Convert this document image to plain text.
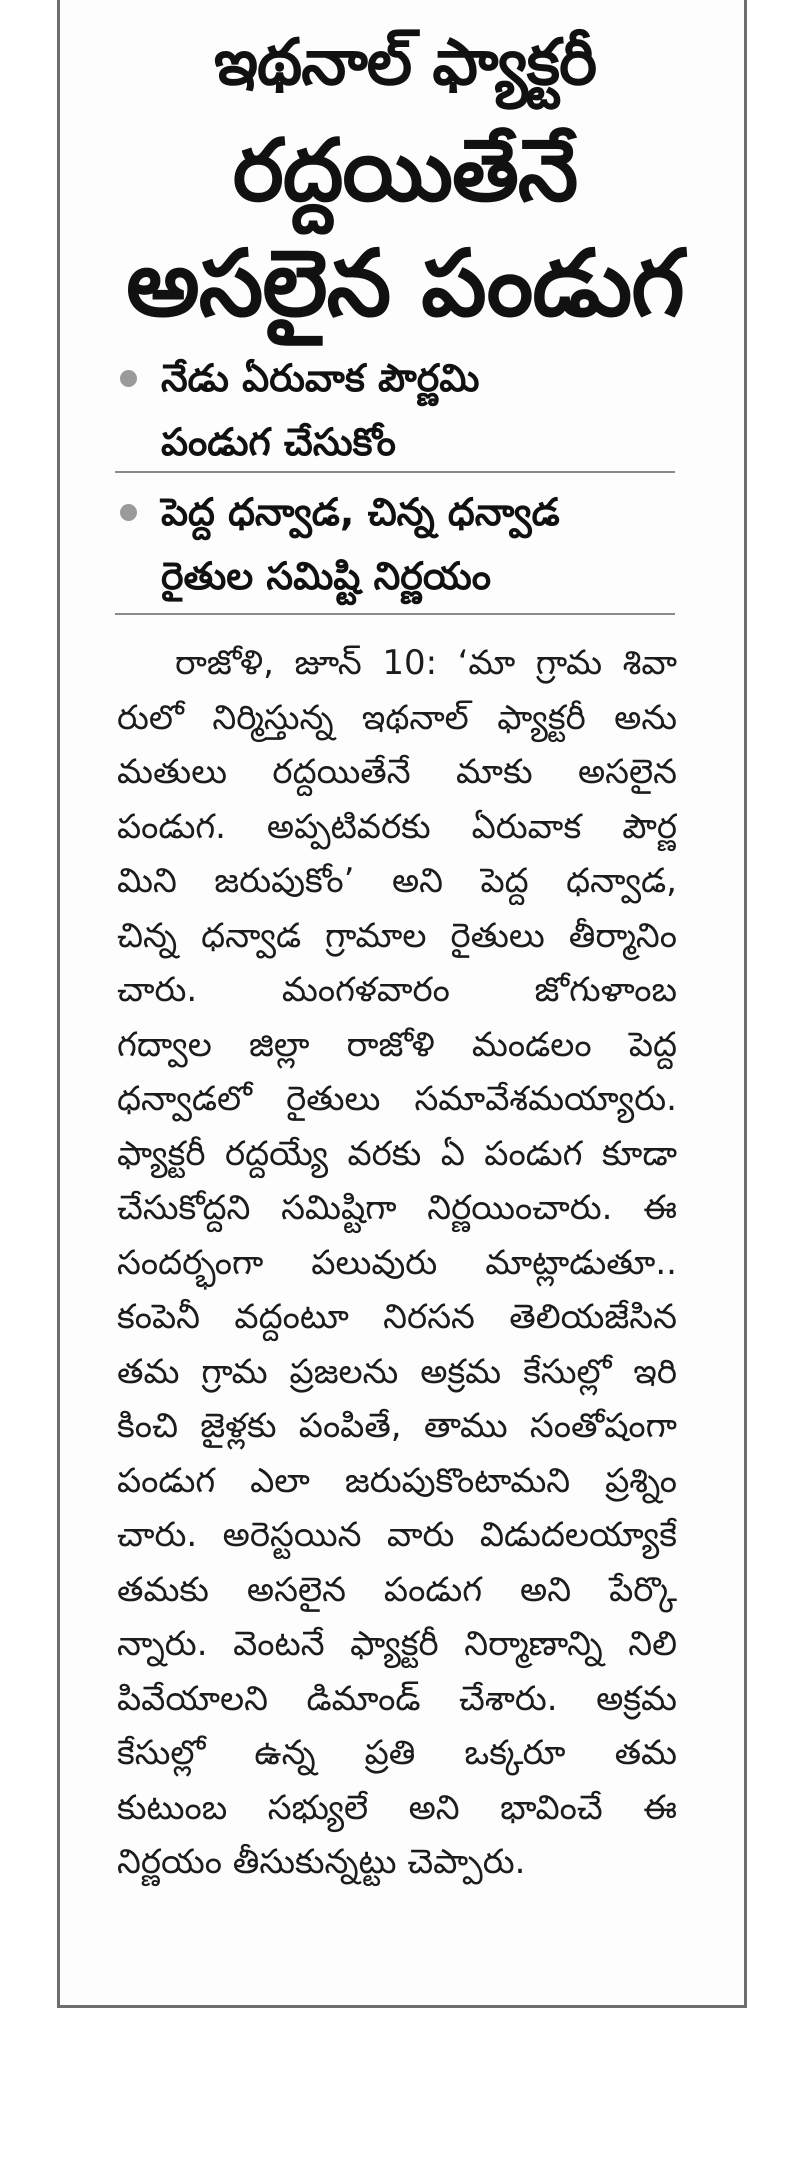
ఇథనాల్ ఫ్యాక్టరీ
రద్దయితేనే
అసలైన పండుగ
నేడు ఏరువాక పౌర్ణమి
పండుగ చేసుకోం
పెద్ద ధన్వాడ, చిన్న ధన్వాడ
రైతుల సమిష్టి నిర్ణయం
రాజోళి, జూన్ 10: ‘మా గ్రామ శివా
రులో నిర్మిస్తున్న ఇథనాల్ ఫ్యాక్టరీ అను
మతులు రద్దయితేనే మాకు అసలైన
పండుగ. అప్పటివరకు ఏరువాక పౌర్ణ
మిని జరుపుకోం’ అని పెద్ద ధన్వాడ,
చిన్న ధన్వాడ గ్రామాల రైతులు తీర్మానిం
చారు. మంగళవారం జోగుళాంబ
గద్వాల జిల్లా రాజోళి మండలం పెద్ద
ధన్వాడలో రైతులు సమావేశమయ్యారు.
ఫ్యాక్టరీ రద్దయ్యే వరకు ఏ పండుగ కూడా
చేసుకోద్దని సమిష్టిగా నిర్ణయించారు. ఈ
సందర్భంగా పలువురు మాట్లాడుతూ..
కంపెనీ వద్దంటూ నిరసన తెలియజేసిన
తమ గ్రామ ప్రజలను అక్రమ కేసుల్లో ఇరి
కించి జైళ్లకు పంపితే, తాము సంతోషంగా
పండుగ ఎలా జరుపుకొంటామని ప్రశ్నిం
చారు. అరెస్టయిన వారు విడుదలయ్యాకే
తమకు అసలైన పండుగ అని పేర్కొ
న్నారు. వెంటనే ఫ్యాక్టరీ నిర్మాణాన్ని నిలి
పివేయాలని డిమాండ్ చేశారు. అక్రమ
కేసుల్లో ఉన్న ప్రతి ఒక్కరూ తమ
కుటుంబ సభ్యులే అని భావించే ఈ
నిర్ణయం తీసుకున్నట్టు చెప్పారు.
